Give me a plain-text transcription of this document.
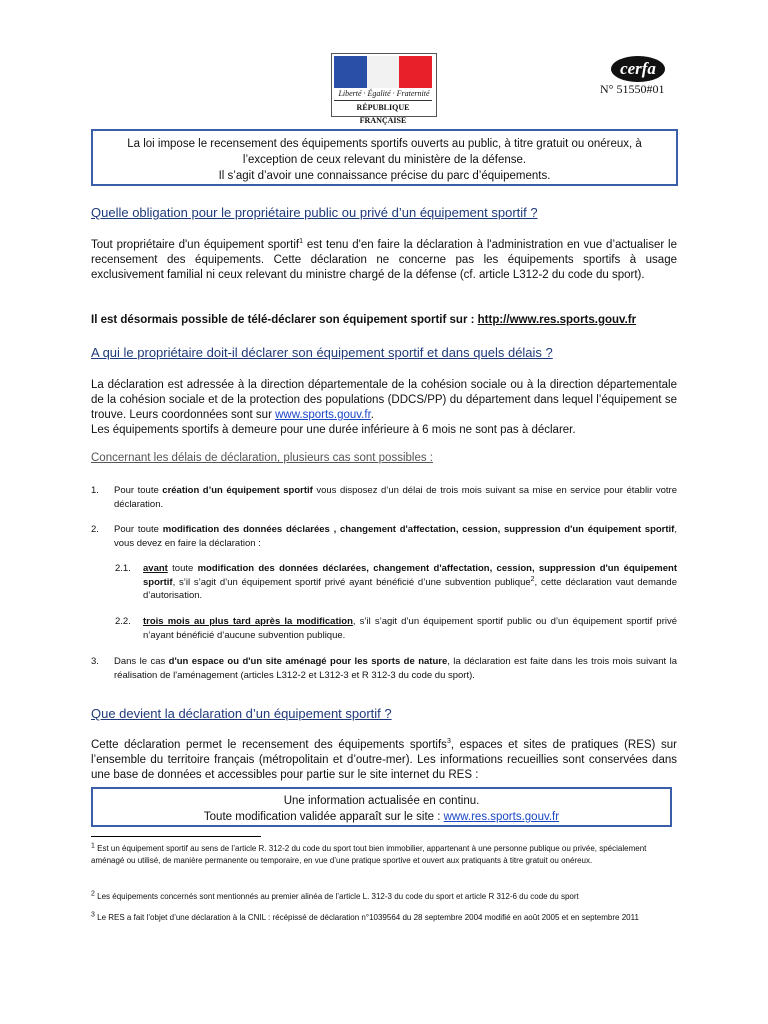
Liberté · Égalité · Fraternité
RÉPUBLIQUE FRANÇAISE
cerfa
N° 51550#01

La loi impose le recensement des équipements sportifs ouverts au public, à titre gratuit ou onéreux, à

l’exception de ceux relevant du ministère de la défense.

Il s’agit d’avoir une connaissance précise du parc d’équipements.

Quelle obligation pour le propriétaire public ou privé d’un équipement sportif ?

Tout propriétaire d'un équipement sportif$^1$ est tenu d'en faire la déclaration à l'administration en vue d’actualiser le recensement des équipements. Cette déclaration ne concerne pas les équipements sportifs à usage exclusivement familial ni ceux relevant du ministre chargé de la défense (cf. article L312-2 du code du sport).

Il est désormais possible de télé-déclarer son équipement sportif sur : http://www.res.sports.gouv.fr
A qui le propriétaire doit-il déclarer son équipement sportif et dans quels délais ?

La déclaration est adressée à la direction départementale de la cohésion sociale ou à la direction départementale de la cohésion sociale et de la protection des populations (DDCS/PP) du département dans lequel l’équipement se trouve. Leurs coordonnées sont sur www.sports.gouv.fr.

Les équipements sportifs à demeure pour une durée inférieure à 6 mois ne sont pas à déclarer.

Concernant les délais de déclaration, plusieurs cas sont possibles :
1. Pour toute création d’un équipement sportif vous disposez d’un délai de trois mois suivant sa mise en service pour établir votre déclaration.
2. Pour toute modification des données déclarées , changement d'affectation, cession, suppression d'un équipement sportif, vous devez en faire la déclaration :
2.1. avant toute modification des données déclarées, changement d'affectation, cession, suppression d'un équipement sportif, s’il s’agit d’un équipement sportif privé ayant bénéficié d’une subvention publique$^2$, cette déclaration vaut demande d’autorisation.
2.2. trois mois au plus tard après la modification, s’il s’agit d’un équipement sportif public ou d’un équipement sportif privé n’ayant bénéficié d’aucune subvention publique.
3. Dans le cas d'un espace ou d'un site aménagé pour les sports de nature, la déclaration est faite dans les trois mois suivant la réalisation de l'aménagement (articles L312-2 et L312-3 et R 312-3 du code du sport).
Que devient la déclaration d’un équipement sportif ?

Cette déclaration permet le recensement des équipements sportifs$^3$, espaces et sites de pratiques (RES) sur l’ensemble du territoire français (métropolitain et d’outre-mer). Les informations recueillies sont conservées dans une base de données et accessibles pour partie sur le site internet du RES :

Une information actualisée en continu.

Toute modification validée apparaît sur le site : www.res.sports.gouv.fr

$^1$ Est un équipement sportif au sens de l’article R. 312-2 du code du sport tout bien immobilier, appartenant à une personne publique ou privée, spécialement aménagé ou utilisé, de manière permanente ou temporaire, en vue d’une pratique sportive et ouvert aux pratiquants à titre gratuit ou onéreux.
$^2$ Les équipements concernés sont mentionnés au premier alinéa de l’article L. 312-3 du code du sport et article R 312-6 du code du sport
$^3$ Le RES a fait l’objet d’une déclaration à la CNIL : récépissé de déclaration n°1039564 du 28 septembre 2004 modifié en août 2005 et en septembre 2011
